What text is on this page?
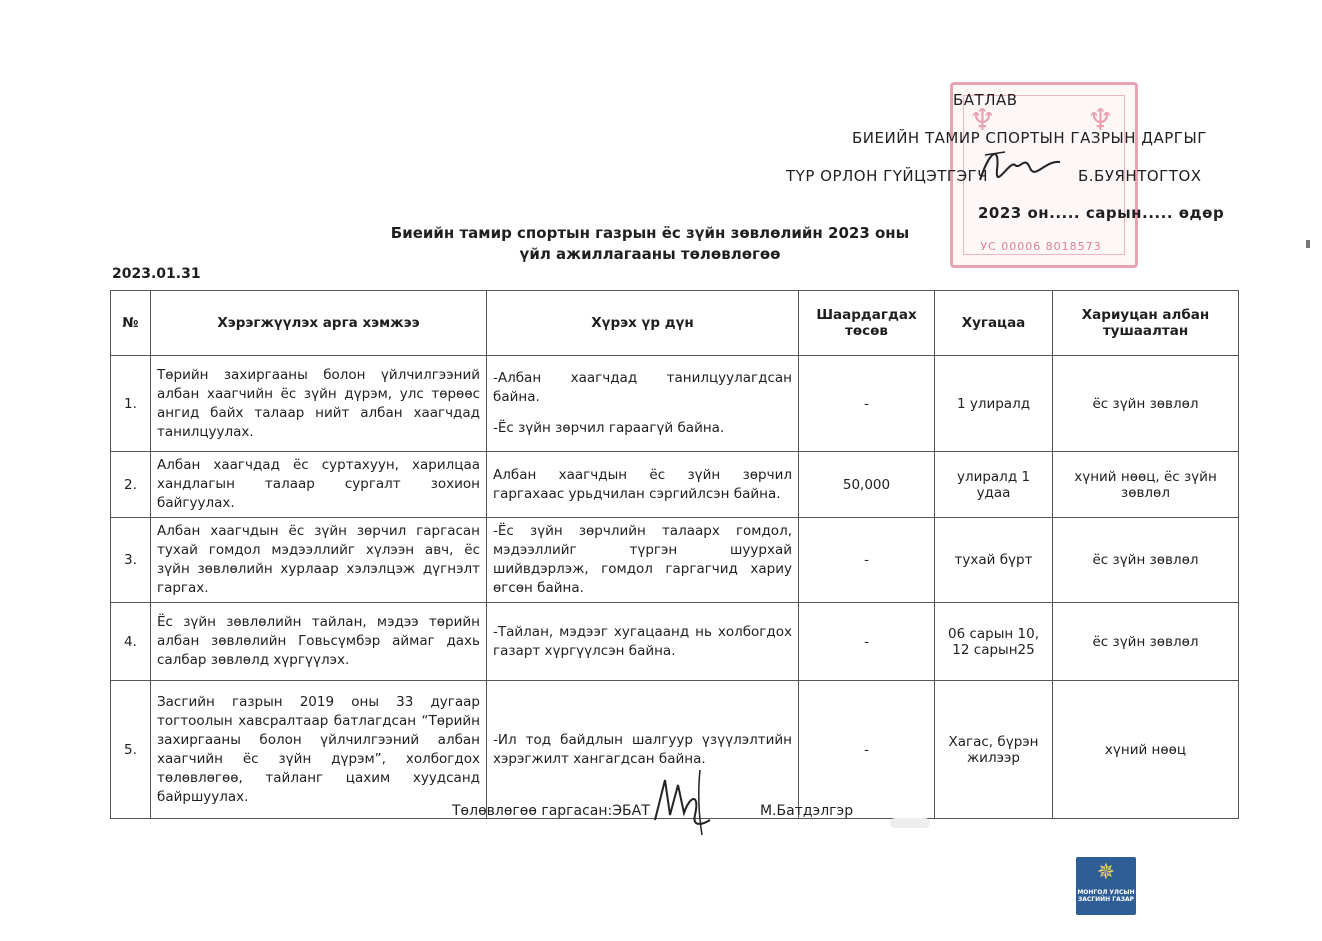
♆	♆
УС 00006 8018573
БАТЛАВ
БИЕИЙН ТАМИР СПОРТЫН ГАЗРЫН ДАРГЫГ
ТҮР ОРЛОН ГҮЙЦЭТГЭГЧ	Б.БУЯНТОГТОХ
2023 он..... сарын..... өдөр
Биеийн тамир спортын газрын ёс зүйн зөвлөлийн 2023 оны
үйл ажиллагааны төлөвлөгөө
2023.01.31
№	Хэрэгжүүлэх арга хэмжээ	Хүрэх үр дүн	Шаардагдах төсөв	Хугацаа	Хариуцан албан тушаалтан
1.	Төрийн захиргааны болон үйлчилгээний албан хаагчийн ёс зүйн дүрэм, улс төрөөс ангид байх талаар нийт албан хаагчдад танилцуулах.	-Албан хаагчдад танилцуулагдсан байна.

-Ёс зүйн зөрчил гараагүй байна.	-	1 улиралд	ёс зүйн зөвлөл
2.	Албан хаагчдад ёс суртахуун, харилцаа хандлагын талаар сургалт зохион байгуулах.	Албан хаагчдын ёс зүйн зөрчил гаргахаас урьдчилан сэргийлсэн байна.	50,000	улиралд 1 удаа	хүний нөөц, ёс зүйн зөвлөл
3.	Албан хаагчдын ёс зүйн зөрчил гаргасан тухай гомдол мэдээллийг хүлээн авч, ёс зүйн зөвлөлийн хурлаар хэлэлцэж дүгнэлт гаргах.	-Ёс зүйн зөрчлийн талаарх гомдол, мэдээллийг түргэн шуурхай шийвдэрлэж, гомдол гаргагчид хариу өгсөн байна.	-	тухай бүрт	ёс зүйн зөвлөл
4.	Ёс зүйн зөвлөлийн тайлан, мэдээ төрийн албан зөвлөлийн Говьсүмбэр аймаг дахь салбар зөвлөлд хүргүүлэх.	-Тайлан, мэдээг хугацаанд нь холбогдох газарт хүргүүлсэн байна.	-	06 сарын 10, 12 сарын25	ёс зүйн зөвлөл
5.	Засгийн газрын 2019 оны 33 дугаар тогтоолын хавсралтаар батлагдсан “Төрийн захиргааны болон үйлчилгээний албан хаагчийн ёс зүйн дүрэм”, холбогдох төлөвлөгөө, тайланг цахим хуудсанд байршуулах.	-Ил тод байдлын шалгуур үзүүлэлтийн хэрэгжилт хангагдсан байна.	-	Хагас, бүрэн жилээр	хүний нөөц
Төлөвлөгөө гаргасан:ЭБАТ	М.Батдэлгэр
✵
МОНГОЛ УЛСЫН
ЗАСГИЙН ГАЗАР
